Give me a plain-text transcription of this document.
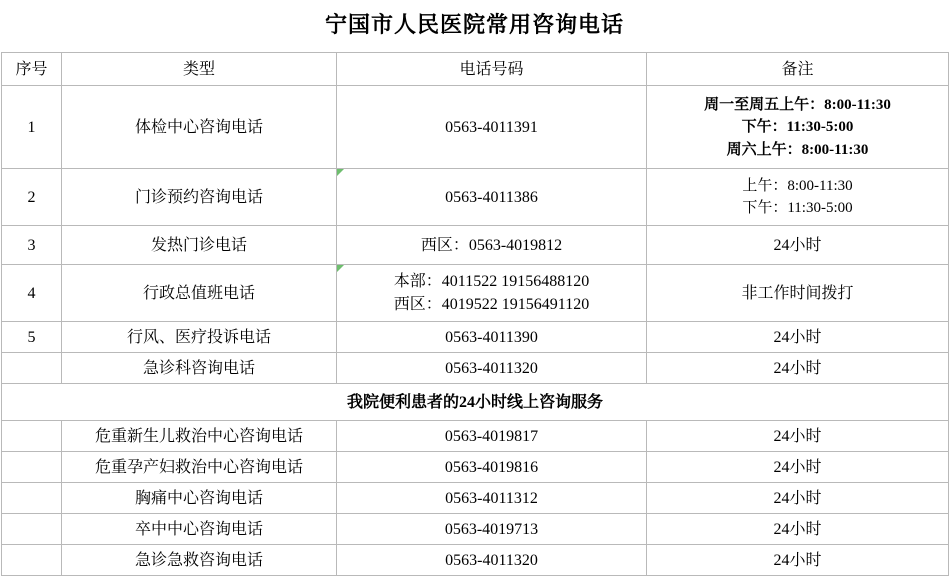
宁国市人民医院常用咨询电话
序号	类型	电话号码	备注
1	体检中心咨询电话	0563-4011391	周一至周五上午：8:00-11:30
下午：11:30-5:00
周六上午：8:00-11:30

2	门诊预约咨询电话	0563-4011386	上午：8:00-11:30
下午：11:30-5:00

3	发热门诊电话	西区：0563-4019812	24小时
4	行政总值班电话	本部：4011522 19156488120
西区：4019522 19156491120	非工作时间拨打
5	行风、医疗投诉电话	0563-4011390	24小时
	急诊科咨询电话	0563-4011320	24小时
我院便利患者的24小时线上咨询服务			
	危重新生儿救治中心咨询电话	0563-4019817	24小时
	危重孕产妇救治中心咨询电话	0563-4019816	24小时
	胸痛中心咨询电话	0563-4011312	24小时
	卒中中心咨询电话	0563-4019713	24小时
	急诊急救咨询电话	0563-4011320	24小时
